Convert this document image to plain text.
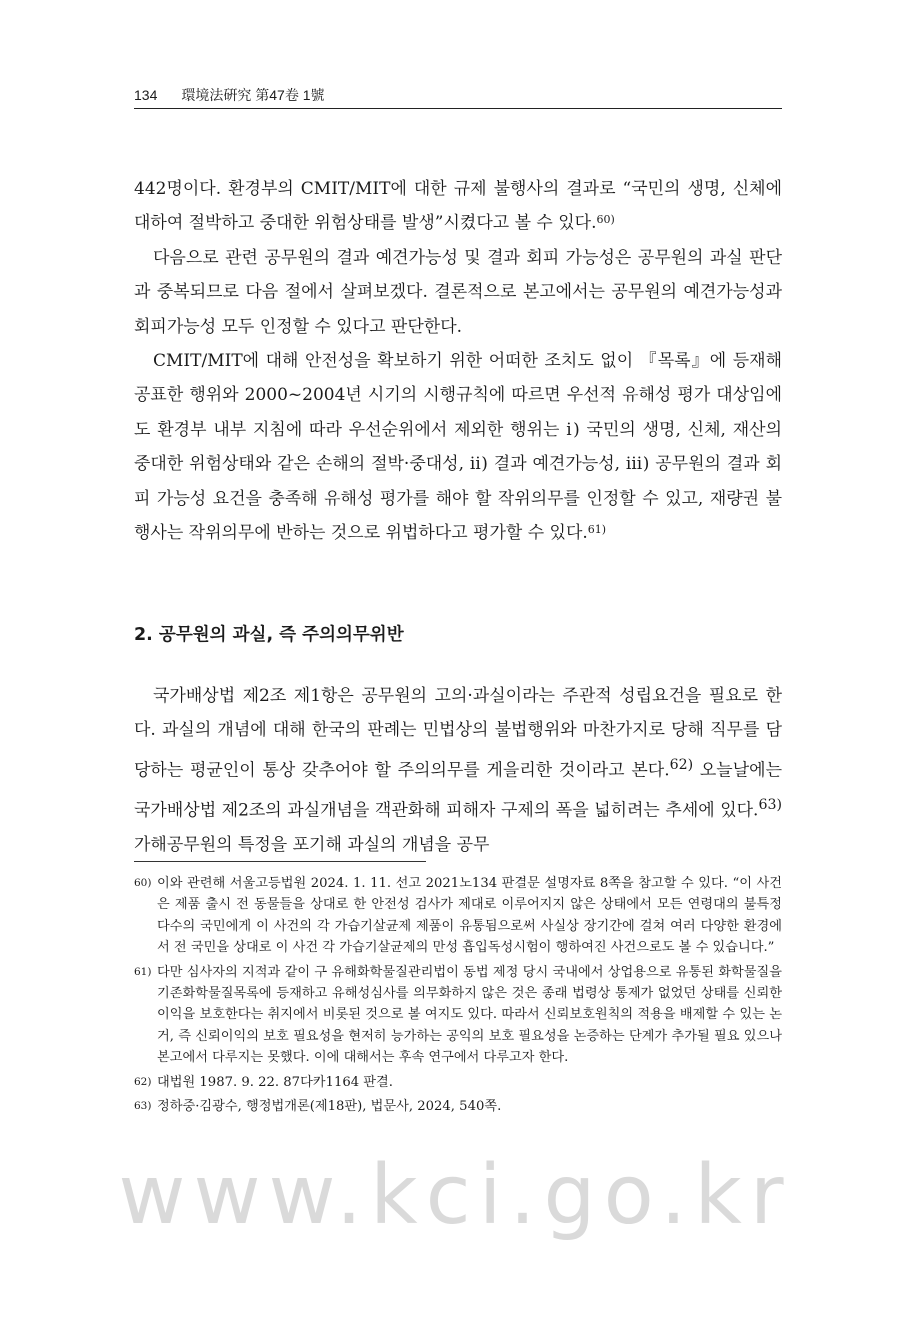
134 環境法硏究 第47卷 1號

442명이다. 환경부의 CMIT/MIT에 대한 규제 불행사의 결과로 “국민의 생명, 신체에 대하여 절박하고 중대한 위험상태를 발생”시켰다고 볼 수 있다.$^{60)}$

다음으로 관련 공무원의 결과 예견가능성 및 결과 회피 가능성은 공무원의 과실 판단과 중복되므로 다음 절에서 살펴보겠다. 결론적으로 본고에서는 공무원의 예견가능성과 회피가능성 모두 인정할 수 있다고 판단한다.

CMIT/MIT에 대해 안전성을 확보하기 위한 어떠한 조치도 없이 『목록』에 등재해 공표한 행위와 2000~2004년 시기의 시행규칙에 따르면 우선적 유해성 평가 대상임에도 환경부 내부 지침에 따라 우선순위에서 제외한 행위는 ⅰ) 국민의 생명, 신체, 재산의 중대한 위험상태와 같은 손해의 절박·중대성, ⅱ) 결과 예견가능성, ⅲ) 공무원의 결과 회피 가능성 요건을 충족해 유해성 평가를 해야 할 작위의무를 인정할 수 있고, 재량권 불행사는 작위의무에 반하는 것으로 위법하다고 평가할 수 있다.$^{61)}$

2. 공무원의 과실, 즉 주의의무위반

국가배상법 제2조 제1항은 공무원의 고의·과실이라는 주관적 성립요건을 필요로 한다. 과실의 개념에 대해 한국의 판례는 민법상의 불법행위와 마찬가지로 당해 직무를 담당하는 평균인이 통상 갖추어야 할 주의의무를 게을리한 것이라고 본다.$^{62)}$ 오늘날에는 국가배상법 제2조의 과실개념을 객관화해 피해자 구제의 폭을 넓히려는 추세에 있다.$^{63)}$ 가해공무원의 특정을 포기해 과실의 개념을 공무

60) 이와 관련해 서울고등법원 2024. 1. 11. 선고 2021노134 판결문 설명자료 8쪽을 참고할 수 있다. “이 사건은 제품 출시 전 동물들을 상대로 한 안전성 검사가 제대로 이루어지지 않은 상태에서 모든 연령대의 불특정 다수의 국민에게 이 사건의 각 가습기살균제 제품이 유통됨으로써 사실상 장기간에 걸쳐 여러 다양한 환경에서 전 국민을 상대로 이 사건 각 가습기살균제의 만성 흡입독성시험이 행하여진 사건으로도 볼 수 있습니다.”

61) 다만 심사자의 지적과 같이 구 유해화학물질관리법이 동법 제정 당시 국내에서 상업용으로 유통된 화학물질을 기존화학물질목록에 등재하고 유해성심사를 의무화하지 않은 것은 종래 법령상 통제가 없었던 상태를 신뢰한 이익을 보호한다는 취지에서 비롯된 것으로 볼 여지도 있다. 따라서 신뢰보호원칙의 적용을 배제할 수 있는 논거, 즉 신뢰이익의 보호 필요성을 현저히 능가하는 공익의 보호 필요성을 논증하는 단계가 추가될 필요 있으나 본고에서 다루지는 못했다. 이에 대해서는 후속 연구에서 다루고자 한다.

62) 대법원 1987. 9. 22. 87다카1164 판결.

63) 정하중·김광수, 행정법개론(제18판), 법문사, 2024, 540쪽.

www.kci.go.kr
